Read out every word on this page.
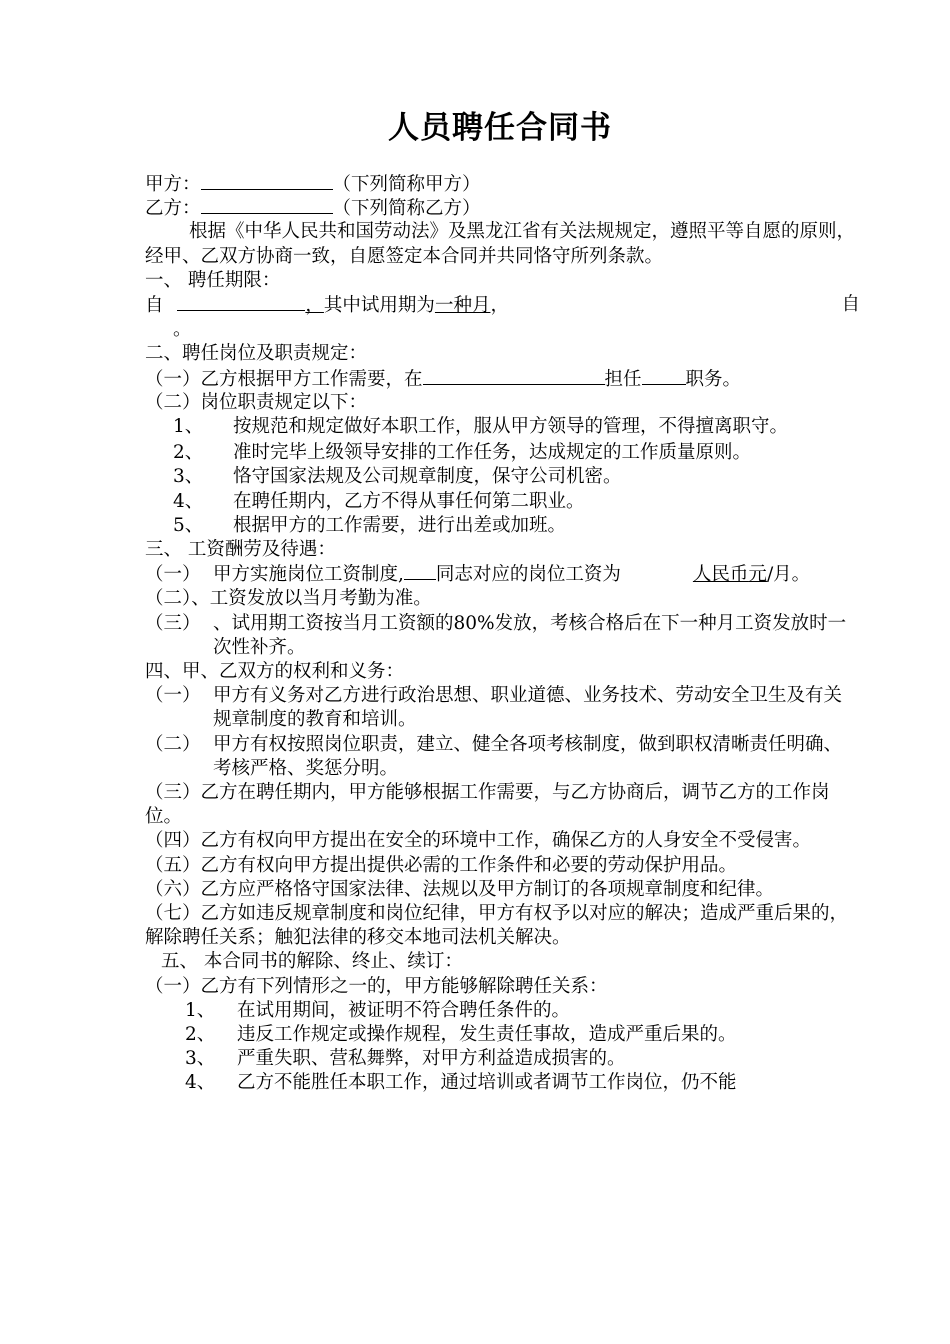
人员聘任合同书
甲方：	（下列简称甲方）
乙方：	（下列简称乙方）
根据《中华人民共和国劳动法》及黑龙江省有关法规规定，遵照平等自愿的原则，经甲、乙双方协商一致，自愿签定本合同并共同恪守所列条款。
一、 聘任期限：
自	，其中试用期为一种月，	自
。
二、聘任岗位及职责规定：
（一）乙方根据甲方工作需要，在	担任 职务。
（二）岗位职责规定以下：
1、 按规范和规定做好本职工作，服从甲方领导的管理，不得擅离职守。
2、 准时完毕上级领导安排的工作任务，达成规定的工作质量原则。
3、 恪守国家法规及公司规章制度，保守公司机密。
4、 在聘任期内，乙方不得从事任何第二职业。
5、 根据甲方的工作需要，进行出差或加班。
三、 工资酬劳及待遇：
（一） 甲方实施岗位工资制度, 同志对应的岗位工资为	人民币元/月。
（二）、工资发放以当月考勤为准。
（三） 、试用期工资按当月工资额的80%发放，考核合格后在下一种月工资发放时一次性补齐。
四、甲、乙双方的权利和义务：
（一） 甲方有义务对乙方进行政治思想、职业道德、业务技术、劳动安全卫生及有关规章制度的教育和培训。
（二） 甲方有权按照岗位职责，建立、健全各项考核制度，做到职权清晰责任明确、考核严格、奖惩分明。
（三）乙方在聘任期内，甲方能够根据工作需要，与乙方协商后，调节乙方的工作岗位。
（四）乙方有权向甲方提出在安全的环境中工作，确保乙方的人身安全不受侵害。
（五）乙方有权向甲方提出提供必需的工作条件和必要的劳动保护用品。
（六）乙方应严格恪守国家法律、法规以及甲方制订的各项规章制度和纪律。
（七）乙方如违反规章制度和岗位纪律，甲方有权予以对应的解决；造成严重后果的，解除聘任关系；触犯法律的移交本地司法机关解决。
五、 本合同书的解除、终止、续订：
（一）乙方有下列情形之一的，甲方能够解除聘任关系：
1、 在试用期间，被证明不符合聘任条件的。
2、 违反工作规定或操作规程，发生责任事故，造成严重后果的。
3、 严重失职、营私舞弊，对甲方利益造成损害的。
4、 乙方不能胜任本职工作，通过培训或者调节工作岗位，仍不能
